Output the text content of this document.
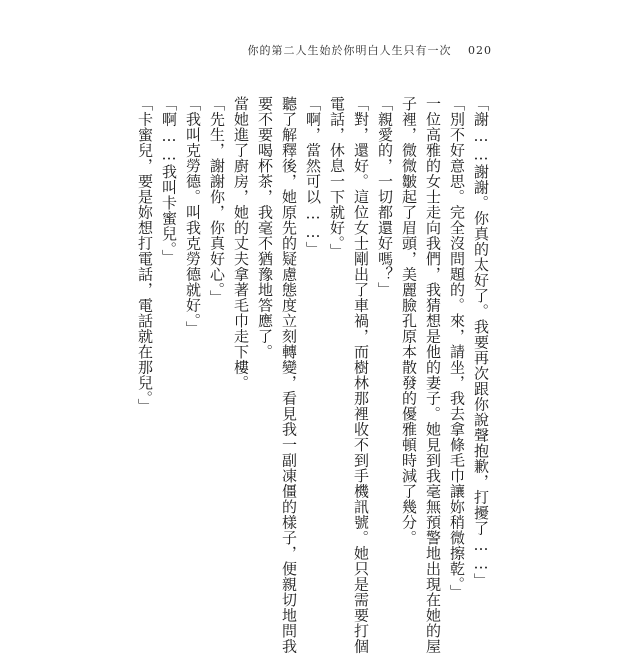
你的第二人生始於你明白人生只有一次 020
「謝……謝謝。你真的太好了。我要再次跟你說聲抱歉，打擾了……」
「別不好意思。完全沒問題的。來，請坐，我去拿條毛巾讓妳稍微擦乾。」
一位高雅的女士走向我們，我猜想是他的妻子。她見到我毫無預警地出現在她的屋
子裡，微微皺起了眉頭，美麗臉孔原本散發的優雅頓時減了幾分。
「親愛的，一切都還好嗎？」
「對，還好。這位女士剛出了車禍，而樹林那裡收不到手機訊號。她只是需要打個
電話，休息一下就好。」
「啊，當然可以……」
聽了解釋後，她原先的疑慮態度立刻轉變，看見我一副凍僵的樣子，便親切地問我
要不要喝杯茶，我毫不猶豫地答應了。
當她進了廚房，她的丈夫拿著毛巾走下樓。
「先生，謝謝你，你真好心。」
「我叫克勞德。叫我克勞德就好。」
「啊……我叫卡蜜兒。」
「卡蜜兒，要是妳想打電話，電話就在那兒。」
